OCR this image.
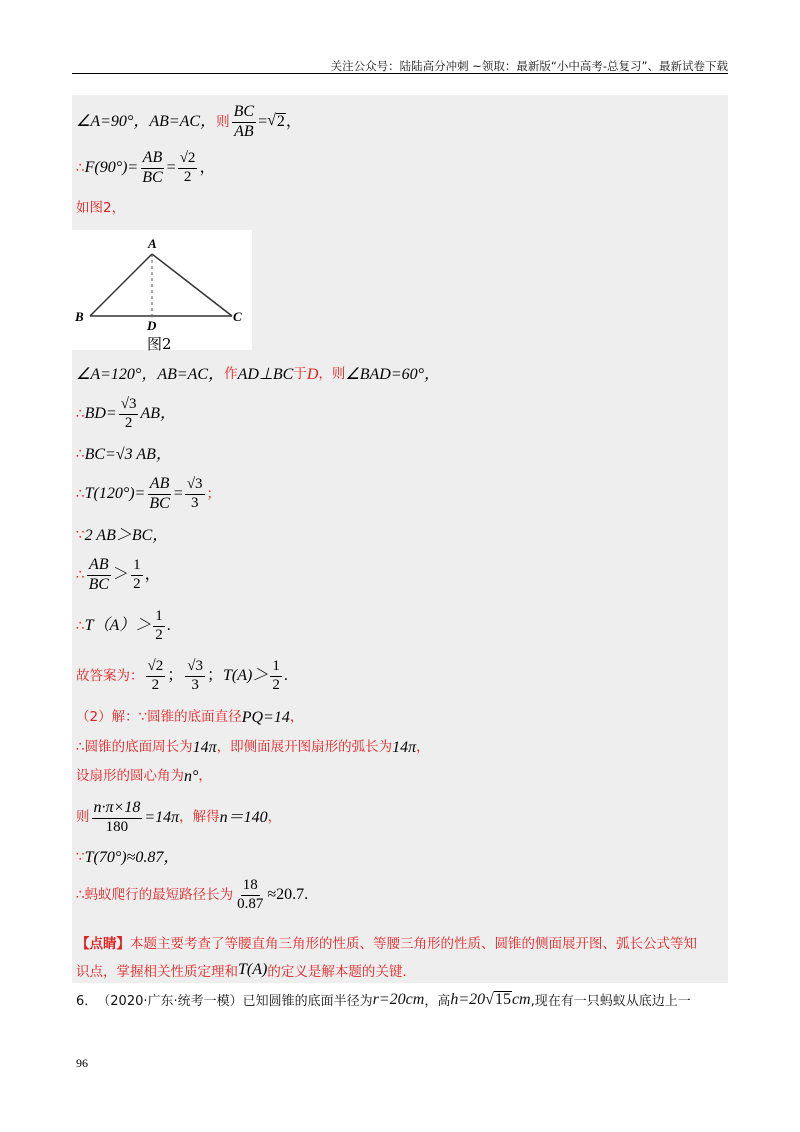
关注公众号：陆陆高分冲刺 ~领取：最新版“小中高考-总复习”、最新试卷下载
∠A=90°，AB=AC， 则 $\frac{BC}{AB}$ = √ 2 ，
∴ $F(90^\circ)= \frac{AB}{BC} = \frac{√2}{2}$ ，
如图2，
A
B	C
D
图2
∠A=120°，AB=AC， 作 AD⊥BC 于 D ，则 ∠BAD=60°，
∴ $BD= \frac{√3}{2}$ AB，
∴ BC=√3 AB，
∴ $T(120^\circ)= \frac{AB}{BC} = \frac{√3}{3}$ ；
∵ 2 AB＞BC，
∴ $\frac{AB}{BC} > \frac{1}{2}$ ，
∴ $T(A)> \frac{1}{2}$ .
故答案为： $\frac{√2}{2}$ ； $\frac{√3}{3}$ ； $T(A)> \frac{1}{2}$ .
（2）解：∵圆锥的底面直径 PQ=14 ，
∴圆锥的底面周长为 14π ，即侧面展开图扇形的弧长为 14π ，
设扇形的圆心角为 n° ，
则 $\frac{n\cdot\pi\times 18}{180} =14\pi$ ，解得 n＝140 ，
∵ T(70°)≈0.87，
∴蚂蚁爬行的最短路径长为 $\frac{18}{0.87} \approx 20.7$ .
【点睛】本题主要考查了等腰直角三角形的性质、等腰三角形的性质、圆锥的侧面展开图、弧长公式等知
识点，掌握相关性质定理和 T(A) 的定义是解本题的关键.
6． （2020·广东·统考一模） 已知圆锥的底面半径为 r=20cm ，高 h=20 √ 15 cm ,现在有一只蚂蚁从底边上一
96
